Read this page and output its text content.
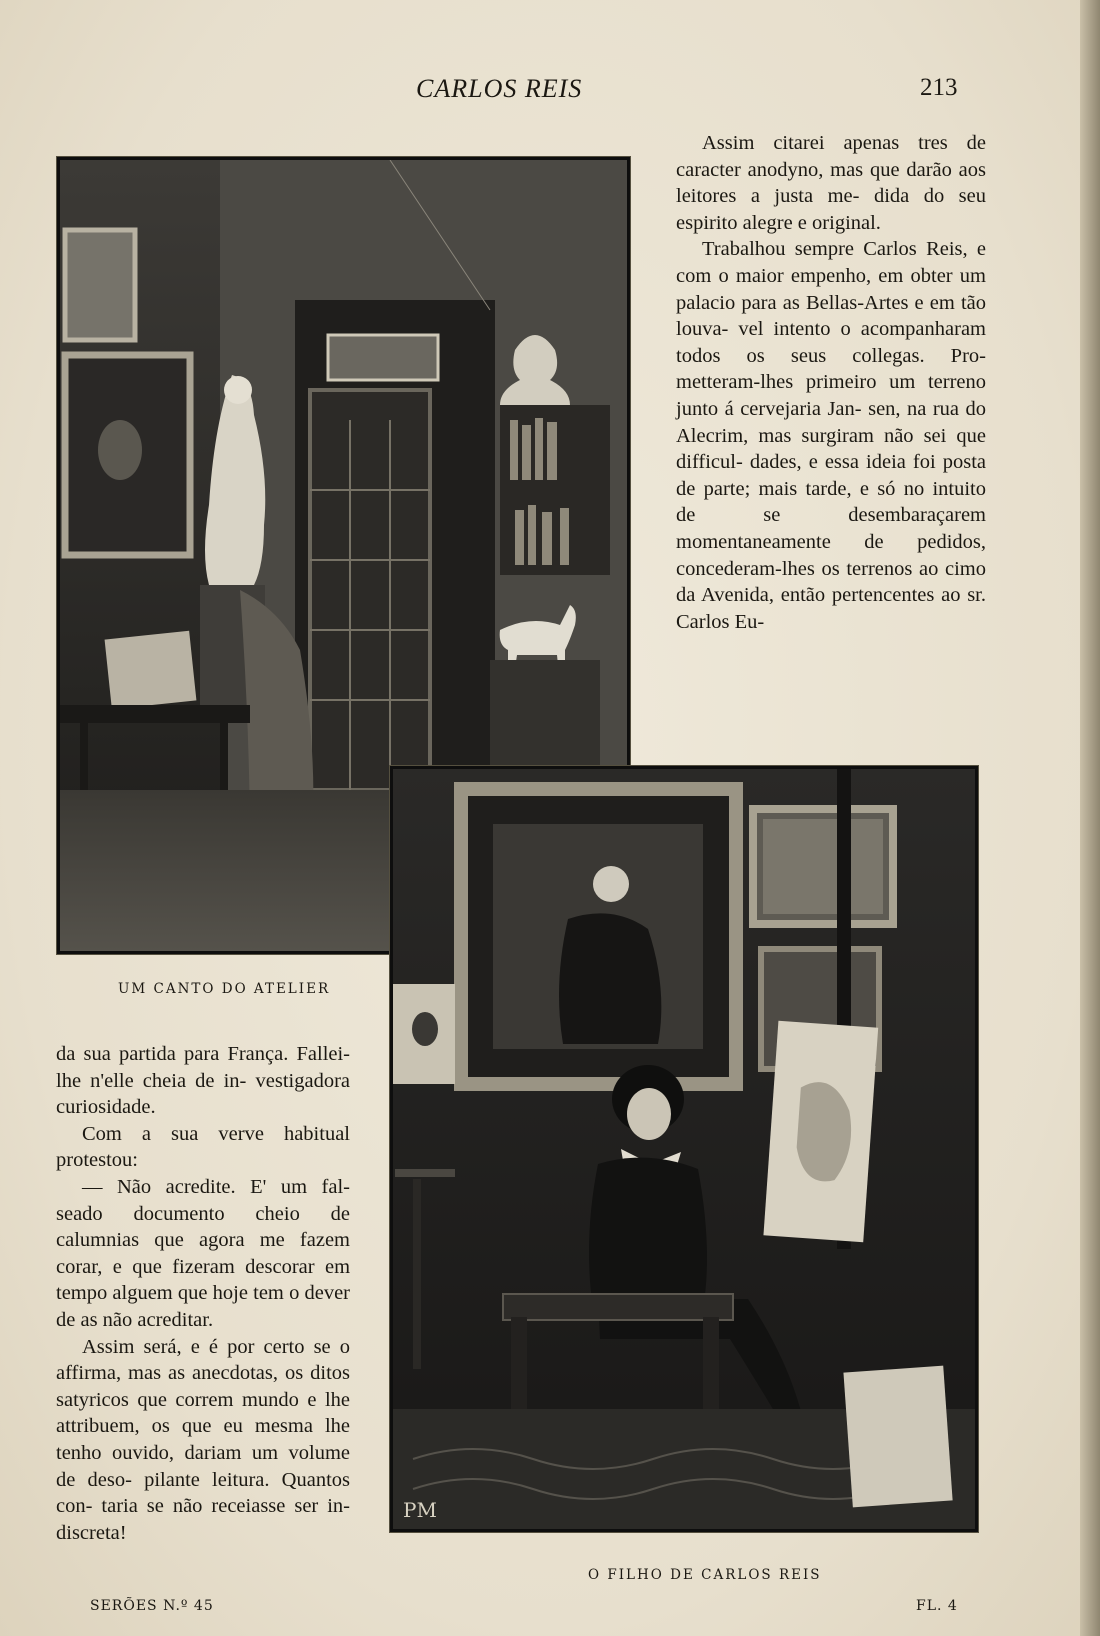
CARLOS REIS	213
PM

Assim citarei apenas tres de caracter anodyno, mas que darão aos leitores a justa me- dida do seu espirito alegre e original.

Trabalhou sempre Carlos Reis, e com o maior empenho, em obter um palacio para as Bellas-Artes e em tão louva- vel intento o acompanharam todos os seus collegas. Pro- metteram-lhes primeiro um terreno junto á cervejaria Jan- sen, na rua do Alecrim, mas surgiram não sei que difficul- dades, e essa ideia foi posta de parte; mais tarde, e só no intuito de se desembaraçarem momentaneamente de pedidos, concederam-lhes os terrenos ao cimo da Avenida, então pertencentes ao sr. Carlos Eu-

UM CANTO DO ATELIER

da sua partida para França. Fallei-lhe n'elle cheia de in- vestigadora curiosidade.

Com a sua verve habitual protestou:

— Não acredite. E' um fal- seado documento cheio de calumnias que agora me fazem corar, e que fizeram descorar em tempo alguem que hoje tem o dever de as não acreditar.

Assim será, e é por certo se o affirma, mas as anecdotas, os ditos satyricos que correm mundo e lhe attribuem, os que eu mesma lhe tenho ouvido, dariam um volume de deso- pilante leitura. Quantos con- taria se não receiasse ser in- discreta!

O FILHO DE CARLOS REIS
SERÕES N.º 45	FL. 4
